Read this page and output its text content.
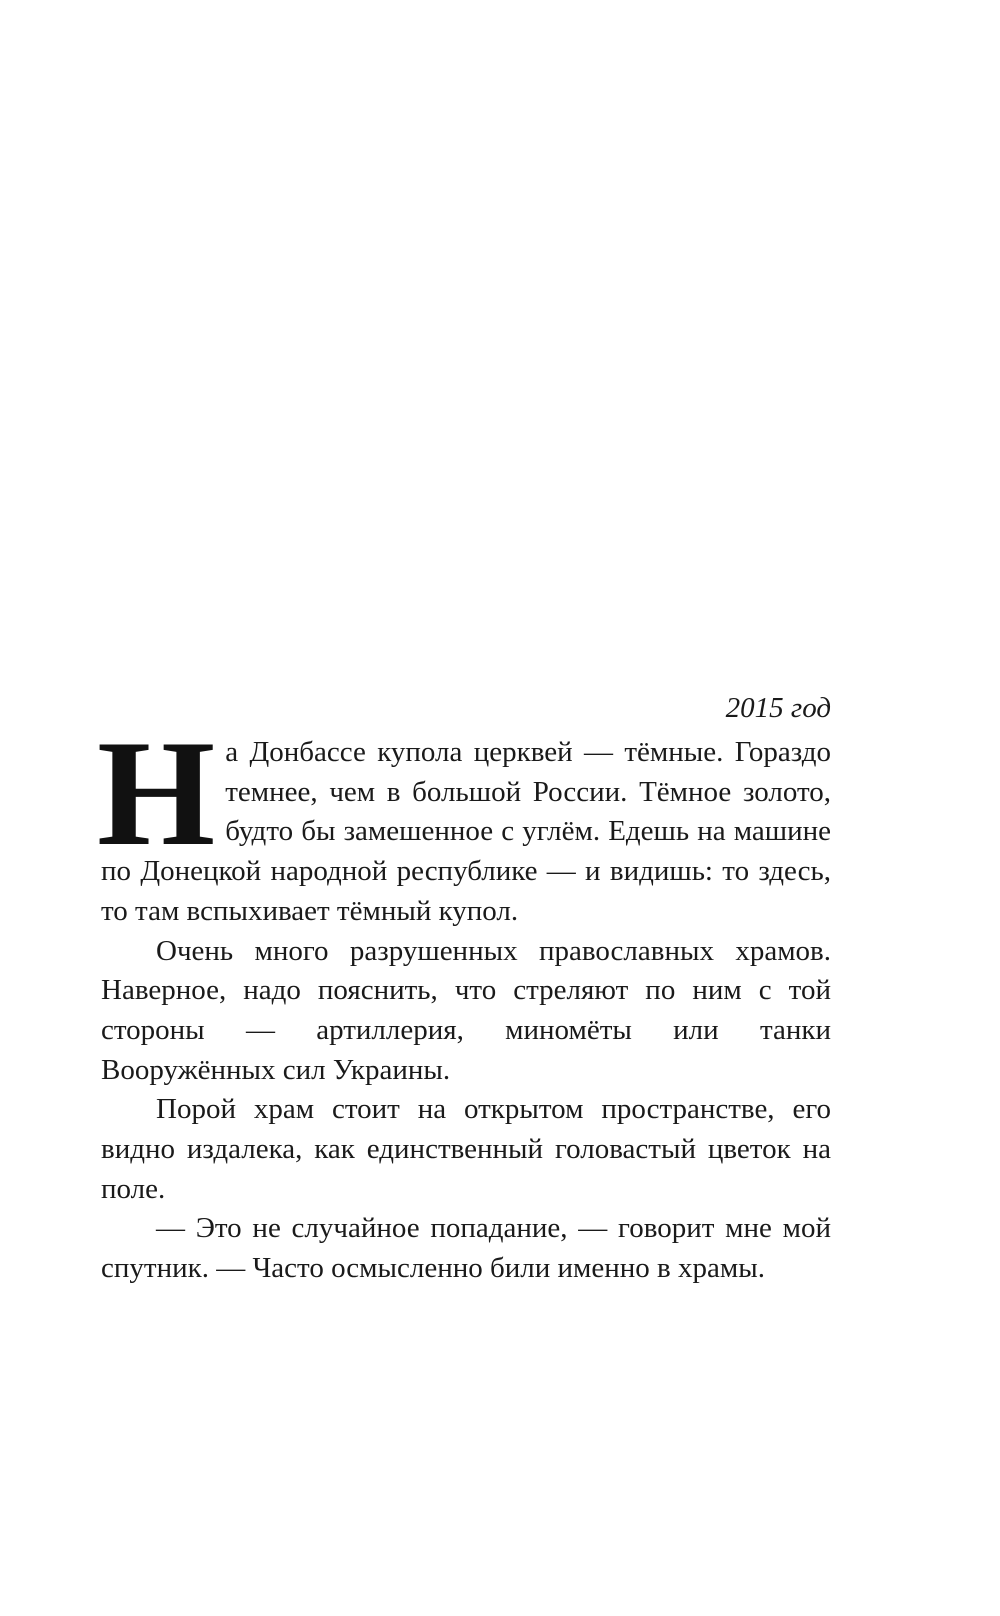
2015 год

На Донбассе купола церквей — тёмные. Гораздо темнее, чем в большой России. Тёмное золото, будто бы замешенное с углём. Едешь на машине по Донецкой народной республике — и видишь: то здесь, то там вспыхивает тёмный купол.

Очень много разрушенных православных храмов. Наверное, надо пояснить, что стреляют по ним с той стороны — артиллерия, миномёты или танки Вооружённых сил Украины.

Порой храм стоит на открытом пространстве, его видно издалека, как единственный головастый цветок на поле.

— Это не случайное попадание, — говорит мне мой спутник. — Часто осмысленно били именно в храмы.
